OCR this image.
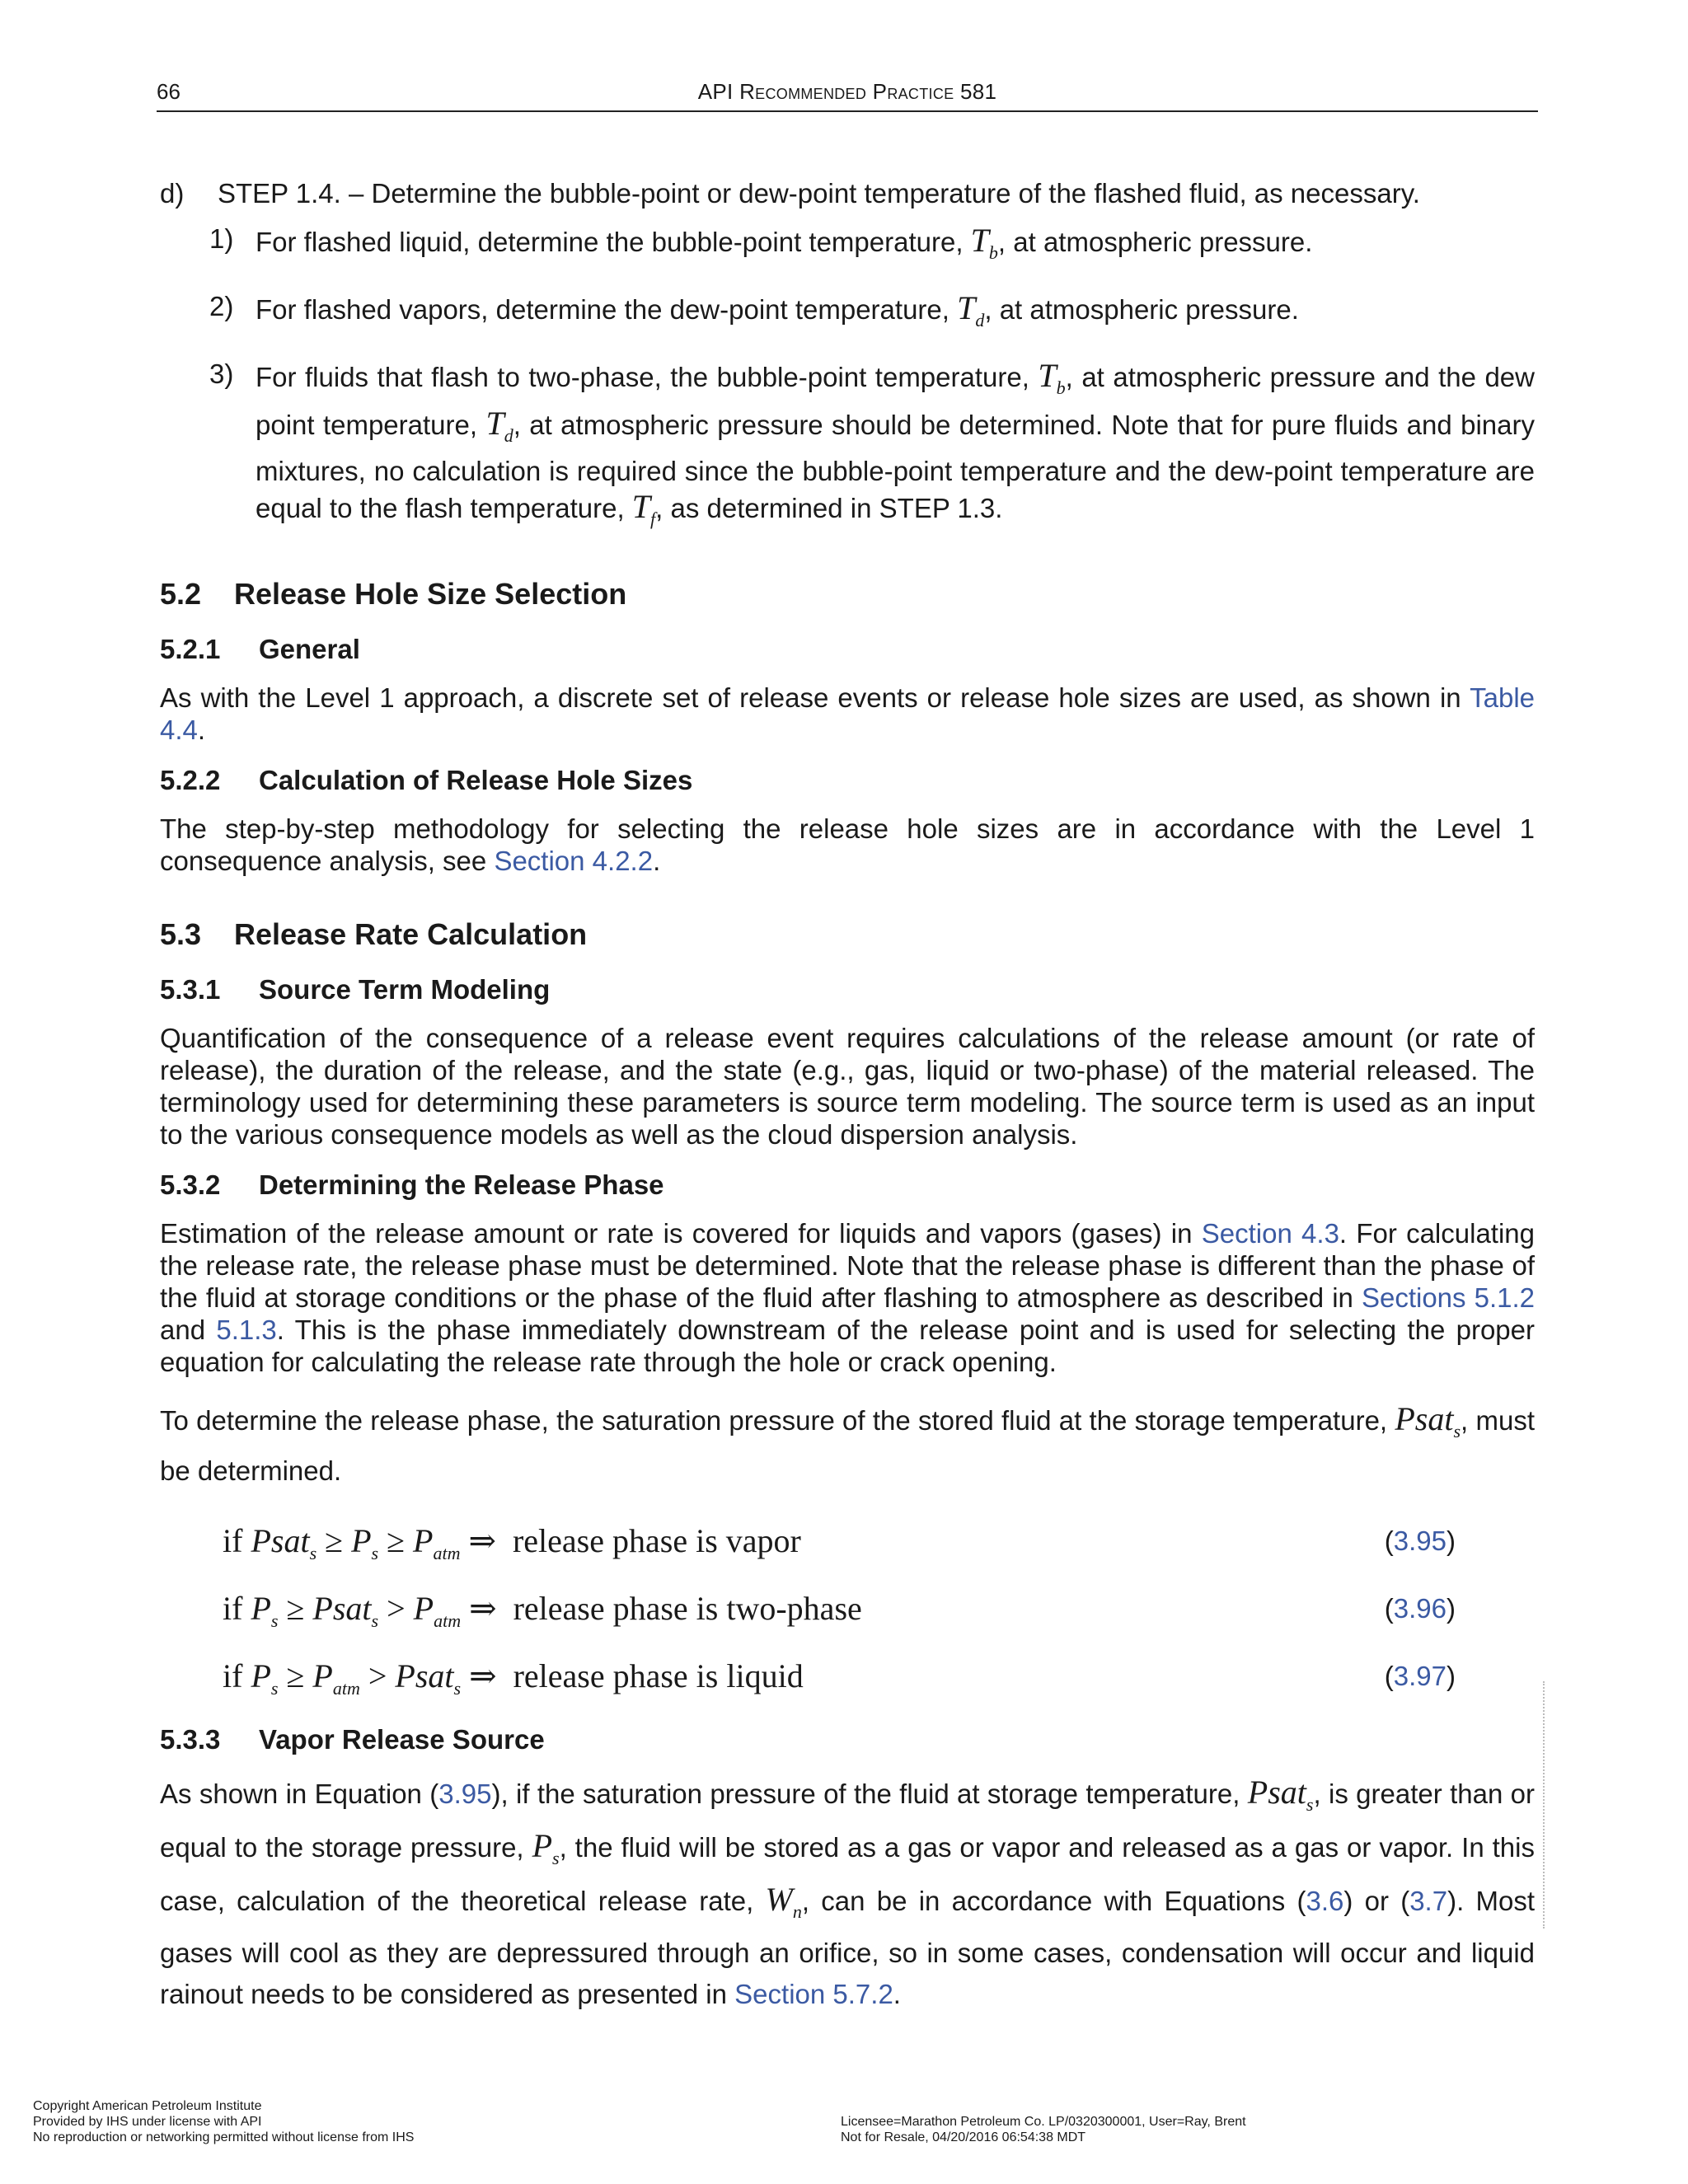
66	API Recommended Practice 581
d)	STEP 1.4. – Determine the bubble-point or dew-point temperature of the flashed fluid, as necessary.
1) For flashed liquid, determine the bubble-point temperature, $T_b$, at atmospheric pressure.
2) For flashed vapors, determine the dew-point temperature, $T_d$, at atmospheric pressure.
3) For fluids that flash to two-phase, the bubble-point temperature, $T_b$, at atmospheric pressure and the dew point temperature, $T_d$, at atmospheric pressure should be determined. Note that for pure fluids and binary mixtures, no calculation is required since the bubble-point temperature and the dew-point temperature are equal to the flash temperature, $T_f$, as determined in STEP 1.3.
5.2 Release Hole Size Selection
5.2.1 General

As with the Level 1 approach, a discrete set of release events or release hole sizes are used, as shown in Table 4.4.

5.2.2 Calculation of Release Hole Sizes

The step-by-step methodology for selecting the release hole sizes are in accordance with the Level 1 consequence analysis, see Section 4.2.2.

5.3 Release Rate Calculation
5.3.1 Source Term Modeling

Quantification of the consequence of a release event requires calculations of the release amount (or rate of release), the duration of the release, and the state (e.g., gas, liquid or two-phase) of the material released. The terminology used for determining these parameters is source term modeling. The source term is used as an input to the various consequence models as well as the cloud dispersion analysis.

5.3.2 Determining the Release Phase

Estimation of the release amount or rate is covered for liquids and vapors (gases) in Section 4.3. For calculating the release rate, the release phase must be determined. Note that the release phase is different than the phase of the fluid at storage conditions or the phase of the fluid after flashing to atmosphere as described in Sections 5.1.2 and 5.1.3. This is the phase immediately downstream of the release point and is used for selecting the proper equation for calculating the release rate through the hole or crack opening.

To determine the release phase, the saturation pressure of the stored fluid at the storage temperature, Psat$_s$, must be determined.

if Psat$_s$ ≥ $P_s \ge P_{atm}$ ⇒  release phase is vapor	(3.95)
if $P_s$ ≥ Psat$_s$ > $P_{atm}$ ⇒  release phase is two-phase	(3.96)
if $P_s \ge P_{atm}$ > Psat$_s$ ⇒  release phase is liquid	(3.97)
5.3.3 Vapor Release Source

As shown in Equation (3.95), if the saturation pressure of the fluid at storage temperature, Psat$_s$, is greater than or equal to the storage pressure, $P_s$, the fluid will be stored as a gas or vapor and released as a gas or vapor. In this case, calculation of the theoretical release rate, $W_n$, can be in accordance with Equations (3.6) or (3.7). Most gases will cool as they are depressured through an orifice, so in some cases, condensation will occur and liquid rainout needs to be considered as presented in Section 5.7.2.

Copyright American Petroleum Institute
Provided by IHS under license with API
No reproduction or networking permitted without license from IHS
Licensee=Marathon Petroleum Co. LP/0320300001, User=Ray, Brent
Not for Resale, 04/20/2016 06:54:38 MDT
